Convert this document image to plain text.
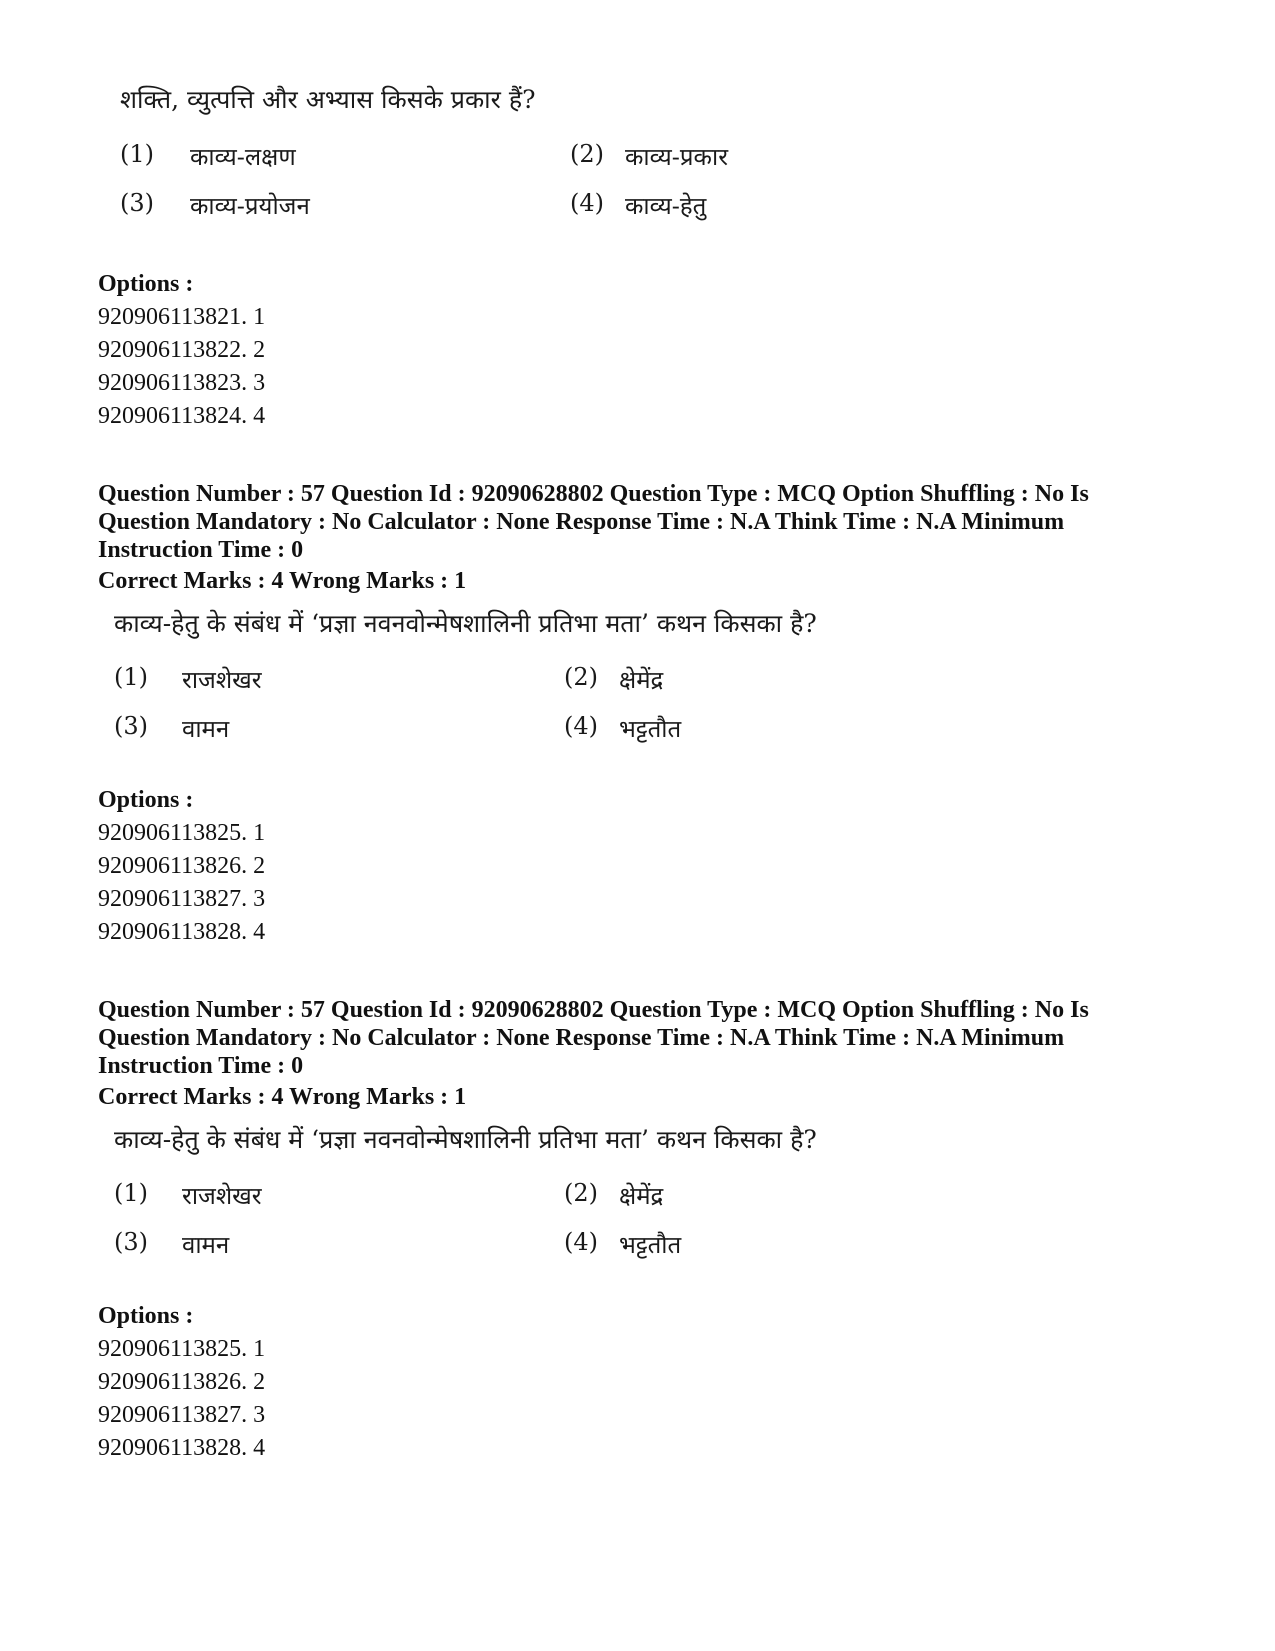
शक्ति, व्युत्पत्ति और अभ्यास किसके प्रकार हैं?
(1) काव्य-लक्षण	(2) काव्य-प्रकार
(3) काव्य-प्रयोजन	(4) काव्य-हेतु
Options :
920906113821. 1
920906113822. 2
920906113823. 3
920906113824. 4
Question Number : 57 Question Id : 92090628802 Question Type : MCQ Option Shuffling : No Is
Question Mandatory : No Calculator : None Response Time : N.A Think Time : N.A Minimum
Instruction Time : 0
Correct Marks : 4 Wrong Marks : 1
काव्य-हेतु के संबंध में ‘प्रज्ञा नवनवोन्मेषशालिनी प्रतिभा मता’ कथन किसका है?
(1) राजशेखर	(2) क्षेमेंद्र
(3) वामन	(4) भट्टतौत
Options :
920906113825. 1
920906113826. 2
920906113827. 3
920906113828. 4
Question Number : 57 Question Id : 92090628802 Question Type : MCQ Option Shuffling : No Is
Question Mandatory : No Calculator : None Response Time : N.A Think Time : N.A Minimum
Instruction Time : 0
Correct Marks : 4 Wrong Marks : 1
काव्य-हेतु के संबंध में ‘प्रज्ञा नवनवोन्मेषशालिनी प्रतिभा मता’ कथन किसका है?
(1) राजशेखर	(2) क्षेमेंद्र
(3) वामन	(4) भट्टतौत
Options :
920906113825. 1
920906113826. 2
920906113827. 3
920906113828. 4
